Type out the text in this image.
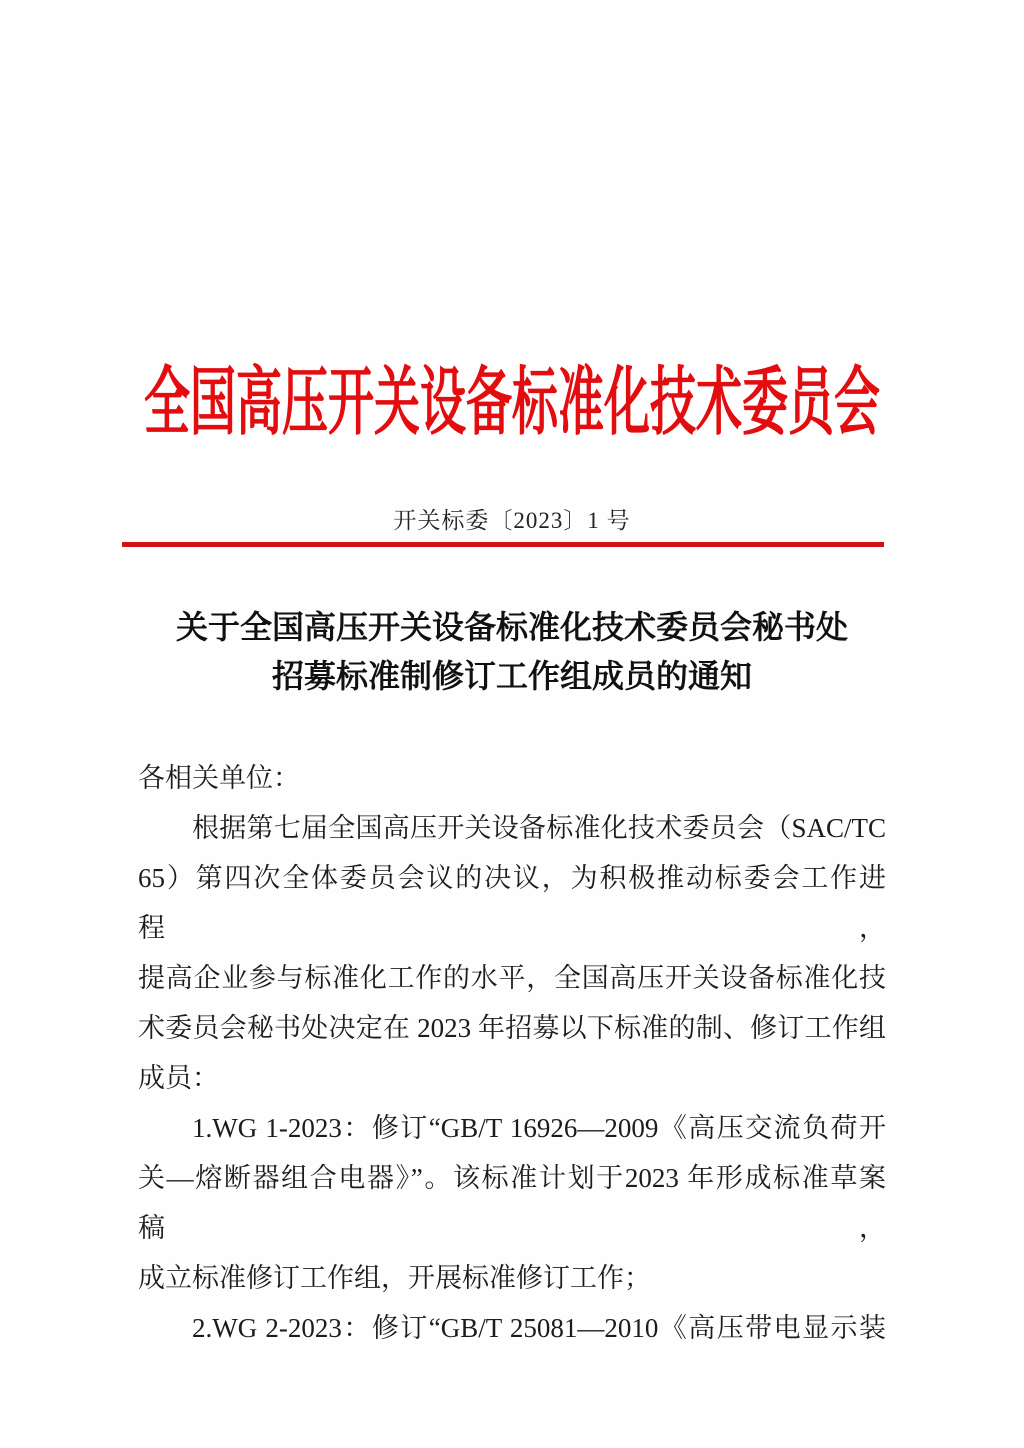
全国高压开关设备标准化技术委员会
开关标委〔2023〕1 号
关于全国高压开关设备标准化技术委员会秘书处
招募标准制修订工作组成员的通知
各相关单位：
根据第七届全国高压开关设备标准化技术委员会（SAC/TC
65）第四次全体委员会议的决议，为积极推动标委会工作进程，
提高企业参与标准化工作的水平，全国高压开关设备标准化技
术委员会秘书处决定在 2023 年招募以下标准的制、修订工作组
成员：
1.WG 1-2023：修订“GB/T 16926—2009《高压交流负荷开
关—熔断器组合电器》”。该标准计划于2023 年形成标准草案稿，
成立标准修订工作组，开展标准修订工作；
2.WG 2-2023：修订“GB/T 25081—2010《高压带电显示装
